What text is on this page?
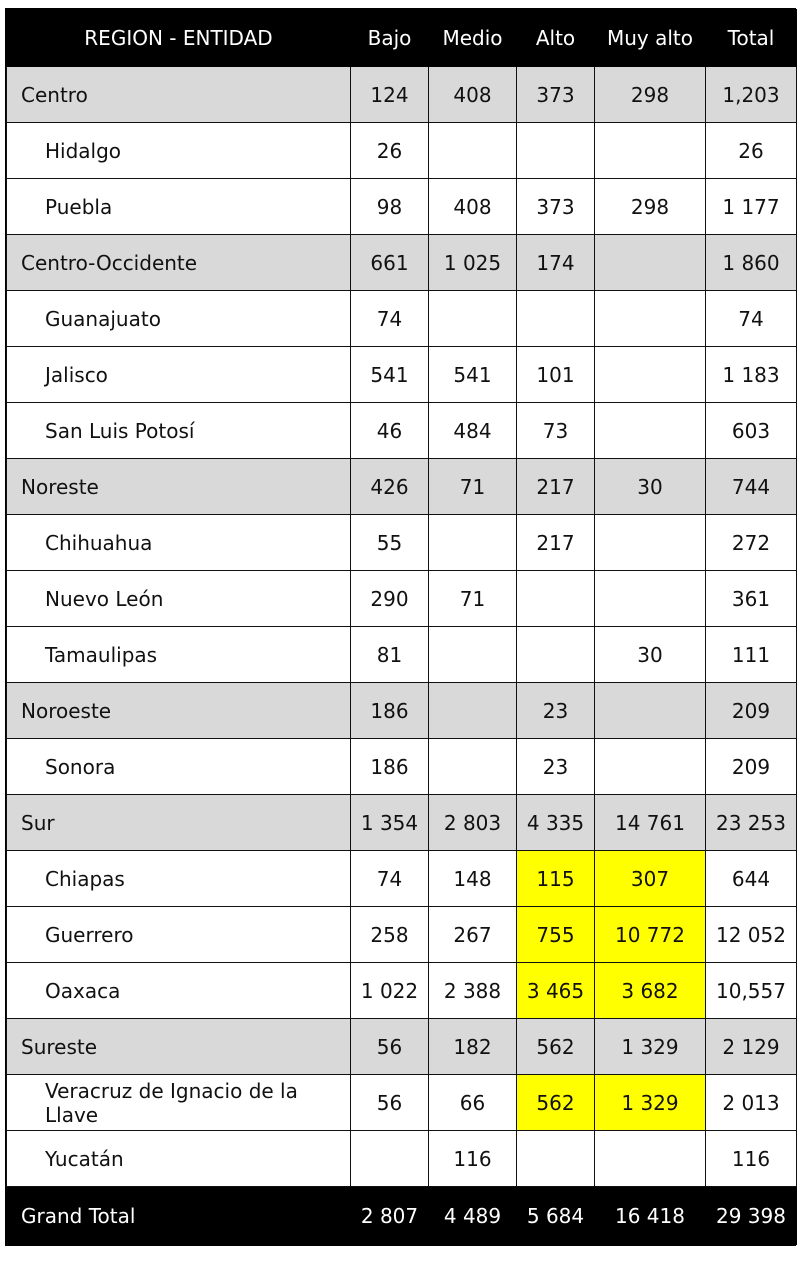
REGION - ENTIDAD	Bajo	Medio	Alto	Muy alto	Total
Centro	124	408	373	298	1,203
Hidalgo	26				26
Puebla	98	408	373	298	1 177
Centro-Occidente	661	1 025	174		1 860
Guanajuato	74				74
Jalisco	541	541	101		1 183
San Luis Potosí	46	484	73		603
Noreste	426	71	217	30	744
Chihuahua	55		217		272
Nuevo León	290	71			361
Tamaulipas	81			30	111
Noroeste	186		23		209
Sonora	186		23		209
Sur	1 354	2 803	4 335	14 761	23 253
Chiapas	74	148	115	307	644
Guerrero	258	267	755	10 772	12 052
Oaxaca	1 022	2 388	3 465	3 682	10,557
Sureste	56	182	562	1 329	2 129
Veracruz de Ignacio de la Llave	56	66	562	1 329	2 013
Yucatán		116			116
Grand Total	2 807	4 489	5 684	16 418	29 398
